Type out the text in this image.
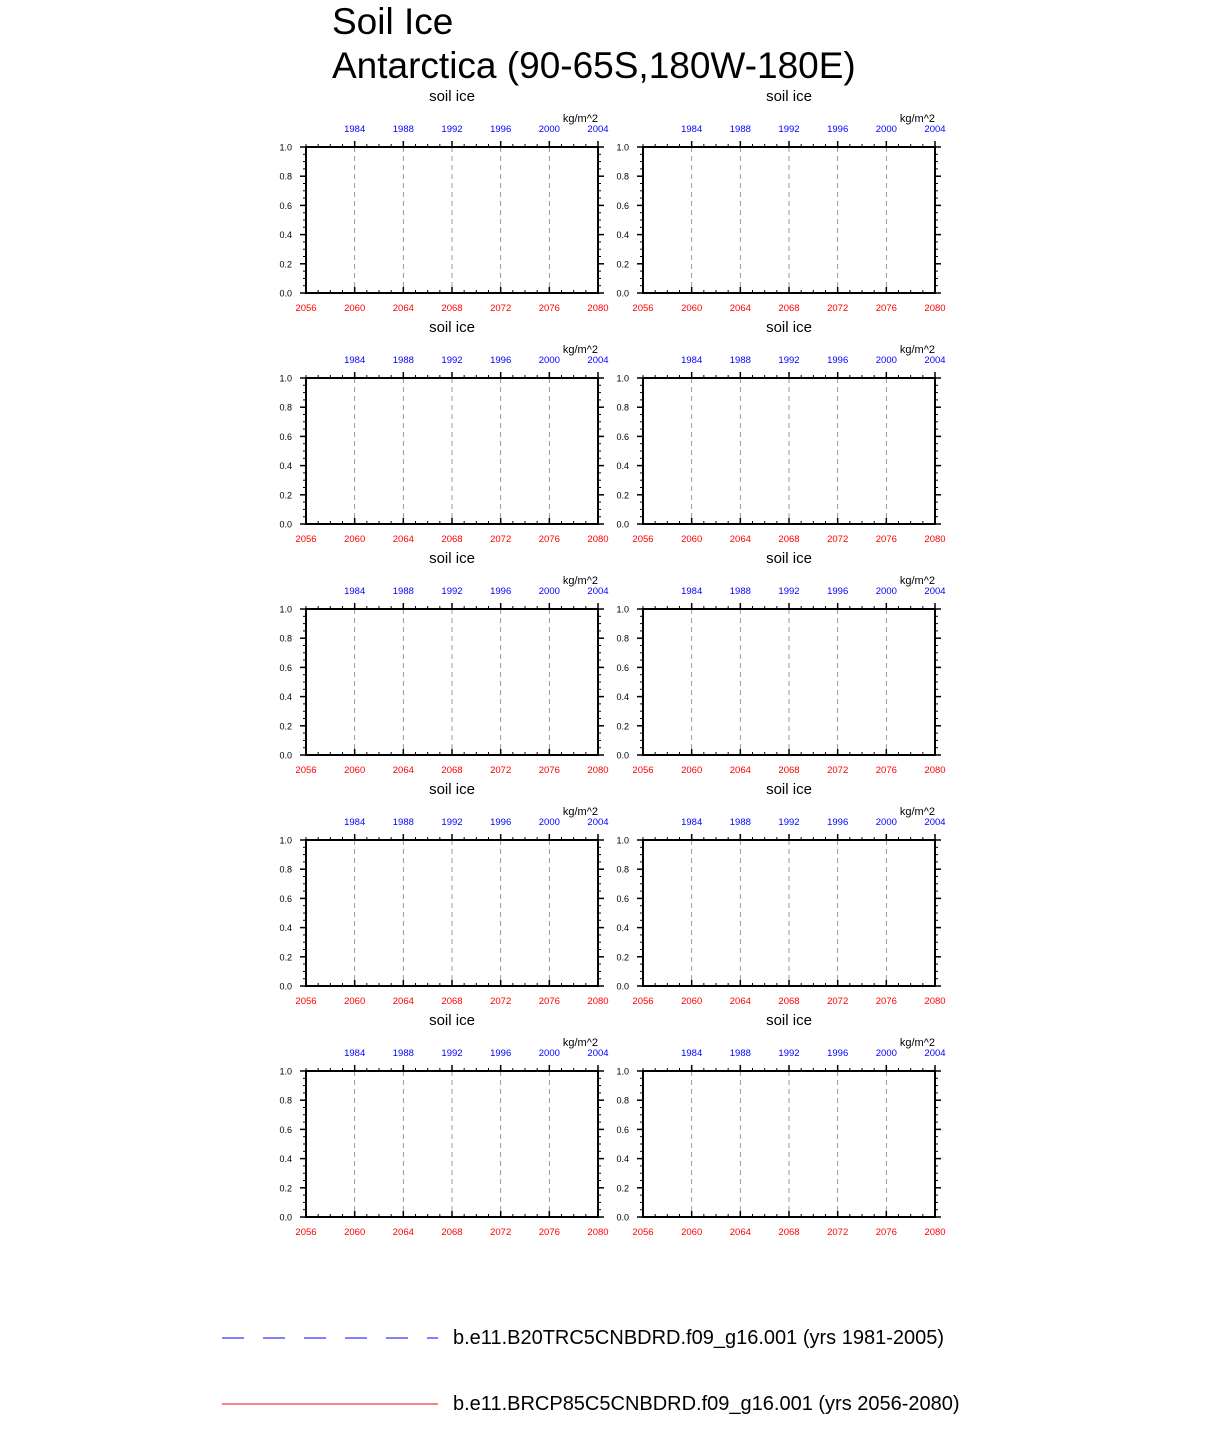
Soil Ice
Antarctica (90-65S,180W-180E)
2056	2060	2064	2068	2072	2076	2080
1984	1988	1992	1996	2000	2004
0.0
0.2
0.4
0.6
0.8
1.0
soil ice
kg/m^2
2056	2060	2064	2068	2072	2076	2080
1984	1988	1992	1996	2000	2004
0.0
0.2
0.4
0.6
0.8
1.0
soil ice
kg/m^2
2056	2060	2064	2068	2072	2076	2080
1984	1988	1992	1996	2000	2004
0.0
0.2
0.4
0.6
0.8
1.0
soil ice
kg/m^2
2056	2060	2064	2068	2072	2076	2080
1984	1988	1992	1996	2000	2004
0.0
0.2
0.4
0.6
0.8
1.0
soil ice
kg/m^2
2056	2060	2064	2068	2072	2076	2080
1984	1988	1992	1996	2000	2004
0.0
0.2
0.4
0.6
0.8
1.0
soil ice
kg/m^2
2056	2060	2064	2068	2072	2076	2080
1984	1988	1992	1996	2000	2004
0.0
0.2
0.4
0.6
0.8
1.0
soil ice
kg/m^2
2056	2060	2064	2068	2072	2076	2080
1984	1988	1992	1996	2000	2004
0.0
0.2
0.4
0.6
0.8
1.0
soil ice
kg/m^2
2056	2060	2064	2068	2072	2076	2080
1984	1988	1992	1996	2000	2004
0.0
0.2
0.4
0.6
0.8
1.0
soil ice
kg/m^2
2056	2060	2064	2068	2072	2076	2080
1984	1988	1992	1996	2000	2004
0.0
0.2
0.4
0.6
0.8
1.0
soil ice
kg/m^2
2056	2060	2064	2068	2072	2076	2080
1984	1988	1992	1996	2000	2004
0.0
0.2
0.4
0.6
0.8
1.0
soil ice
kg/m^2
b.e11.B20TRC5CNBDRD.f09_g16.001 (yrs 1981-2005)
b.e11.BRCP85C5CNBDRD.f09_g16.001 (yrs 2056-2080)
